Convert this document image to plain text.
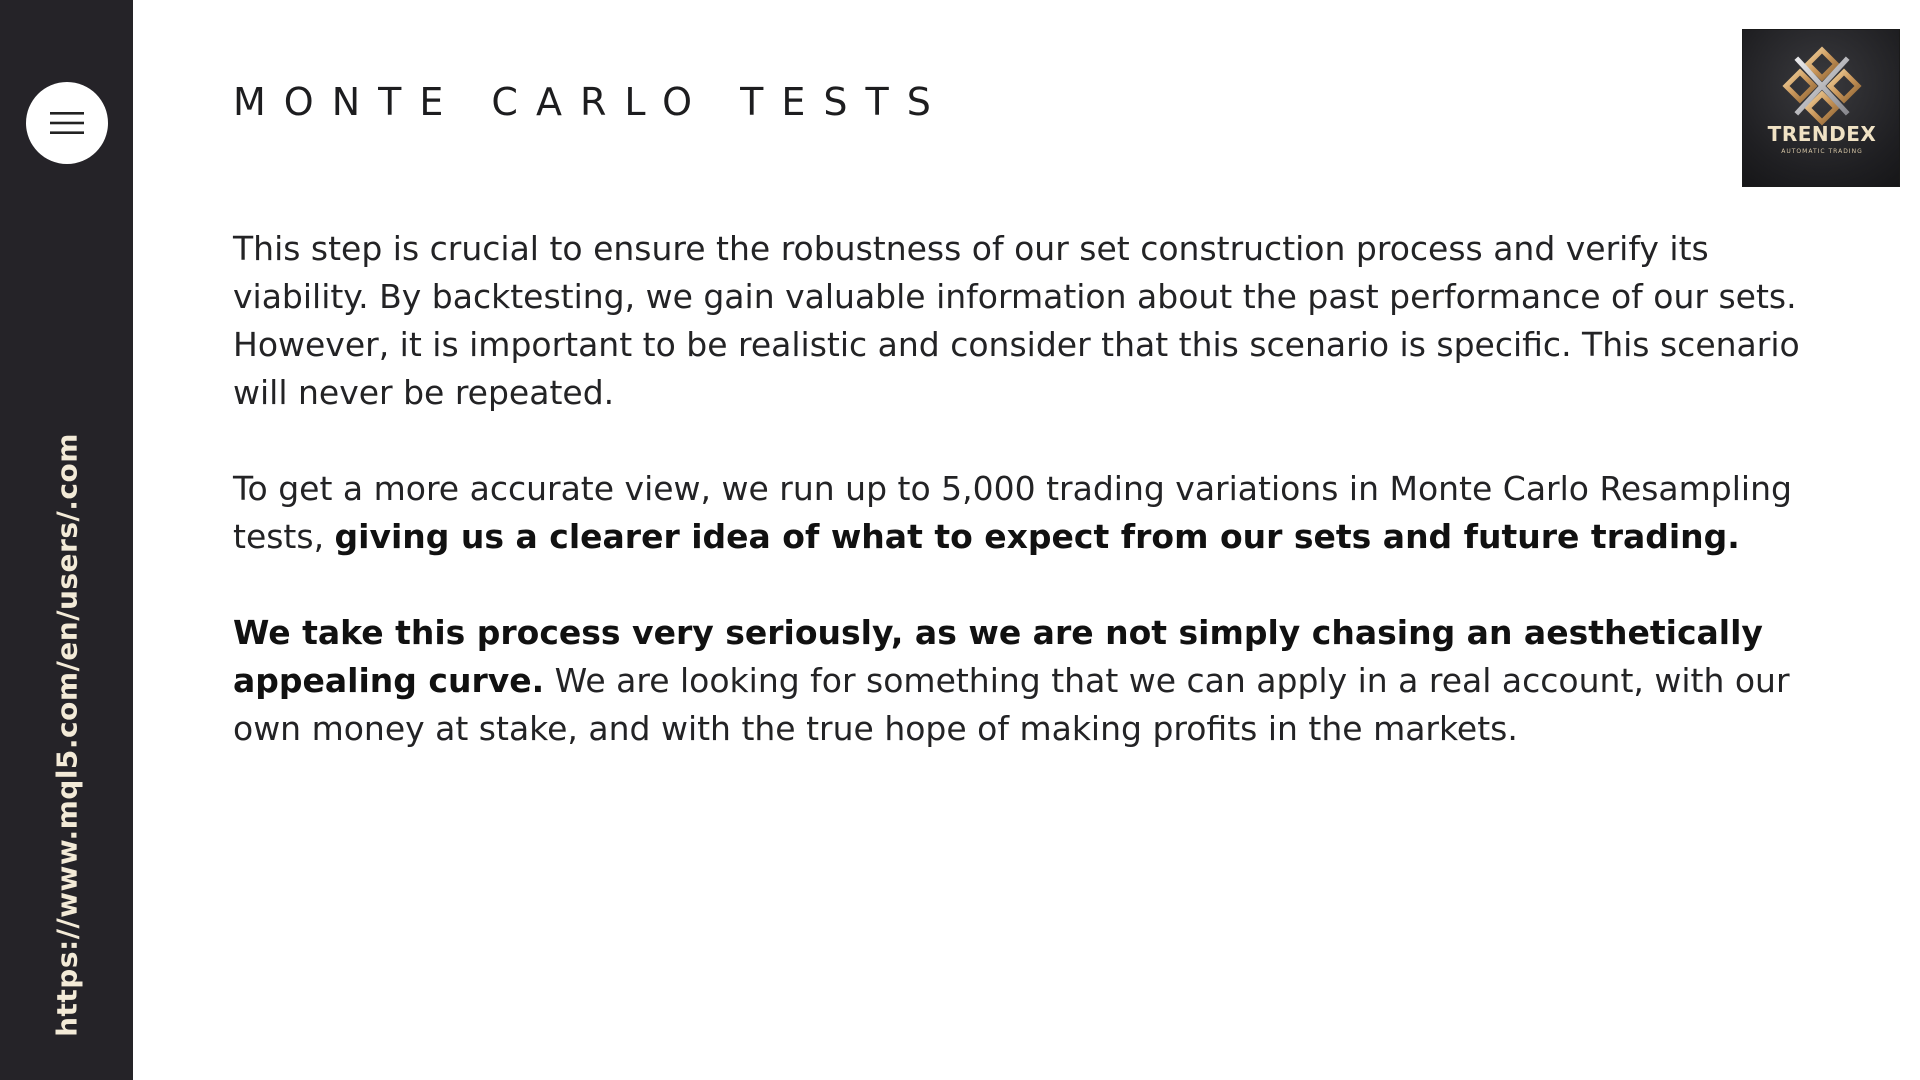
https://www.mql5.com/en/users/.com
MONTE CARLO TESTS

This step is crucial to ensure the robustness of our set construction process and verify its viability. By backtesting, we gain valuable information about the past performance of our sets. However, it is important to be realistic and consider that this scenario is specific. This scenario will never be repeated.

To get a more accurate view, we run up to 5,000 trading variations in Monte Carlo Resampling tests, giving us a clearer idea of what to expect from our sets and future trading.

We take this process very seriously, as we are not simply chasing an aesthetically appealing curve. We are looking for something that we can apply in a real account, with our own money at stake, and with the true hope of making profits in the markets.

TRENDEX
AUTOMATIC TRADING
